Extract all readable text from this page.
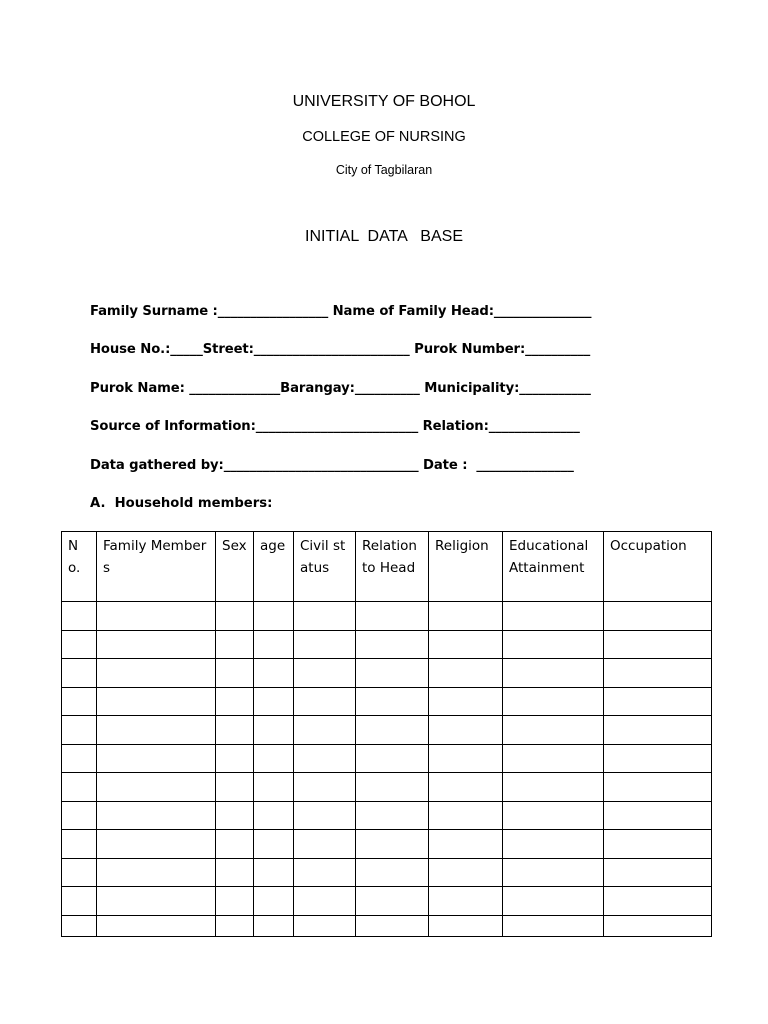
UNIVERSITY OF BOHOL
COLLEGE OF NURSING
City of Tagbilaran
INITIAL  DATA   BASE
Family Surname :_________________ Name of Family Head:_______________
House No.:_____Street:________________________ Purok Number:__________
Purok Name: ______________Barangay:__________ Municipality:___________
Source of Information:_________________________ Relation:______________
Data gathered by:______________________________ Date :  _______________
A.  Household members:
No.	Family Members	Sex	age	Civil status	Relation to Head	Religion	Educational Attainment	Occupation
